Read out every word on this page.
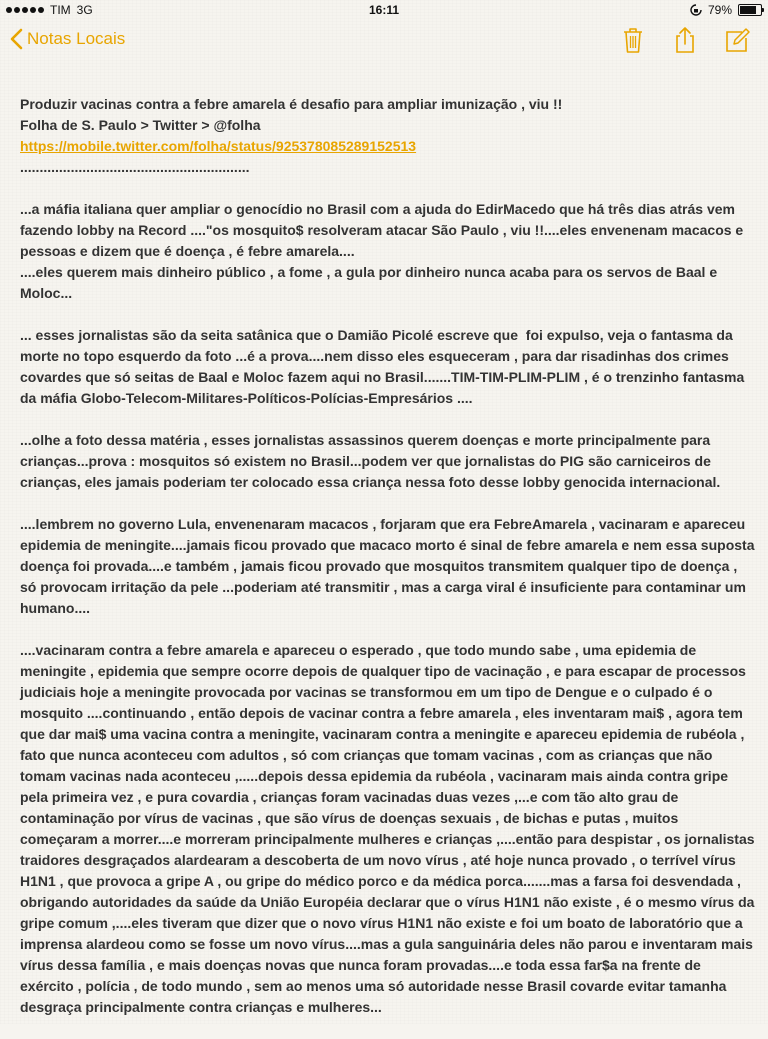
TIM 3G	16:11	79%
Notas Locais

Produzir vacinas contra a febre amarela é desafio para ampliar imunização , viu !!

Folha de S. Paulo > Twitter > @folha

https://mobile.twitter.com/folha/status/925378085289152513

...........................................................

...a máfia italiana quer ampliar o genocídio no Brasil com a ajuda do EdirMacedo que há três dias atrás vem fazendo lobby na Record ...."os mosquito$ resolveram atacar São Paulo , viu !!....eles envenenam macacos e pessoas e dizem que é doença , é febre amarela....
....eles querem mais dinheiro público , a fome , a gula por dinheiro nunca acaba para os servos de Baal e Moloc...

... esses jornalistas são da seita satânica que o Damião Picolé escreve que  foi expulso, veja o fantasma da morte no topo esquerdo da foto ...é a prova....nem disso eles esqueceram , para dar risadinhas dos crimes covardes que só seitas de Baal e Moloc fazem aqui no Brasil.......TIM-TIM-PLIM-PLIM , é o trenzinho fantasma da máfia Globo-Telecom-Militares-Políticos-Polícias-Empresários ....

...olhe a foto dessa matéria , esses jornalistas assassinos querem doenças e morte principalmente para crianças...prova : mosquitos só existem no Brasil...podem ver que jornalistas do PIG são carniceiros de crianças, eles jamais poderiam ter colocado essa criança nessa foto desse lobby genocida internacional.

....lembrem no governo Lula, envenenaram macacos , forjaram que era FebreAmarela , vacinaram e apareceu epidemia de meningite....jamais ficou provado que macaco morto é sinal de febre amarela e nem essa suposta doença foi provada....e também , jamais ficou provado que mosquitos transmitem qualquer tipo de doença , só provocam irritação da pele ...poderiam até transmitir , mas a carga viral é insuficiente para contaminar um humano....

....vacinaram contra a febre amarela e apareceu o esperado , que todo mundo sabe , uma epidemia de meningite , epidemia que sempre ocorre depois de qualquer tipo de vacinação , e para escapar de processos judiciais hoje a meningite provocada por vacinas se transformou em um tipo de Dengue e o culpado é o mosquito ....continuando , então depois de vacinar contra a febre amarela , eles inventaram mai$ , agora tem que dar mai$ uma vacina contra a meningite, vacinaram contra a meningite e apareceu epidemia de rubéola , fato que nunca aconteceu com adultos , só com crianças que tomam vacinas , com as crianças que não tomam vacinas nada aconteceu ,.....depois dessa epidemia da rubéola , vacinaram mais ainda contra gripe pela primeira vez , e pura covardia , crianças foram vacinadas duas vezes ,...e com tão alto grau de contaminação por vírus de vacinas , que são vírus de doenças sexuais , de bichas e putas , muitos começaram a morrer....e morreram principalmente mulheres e crianças ,....então para despistar , os jornalistas traidores desgraçados alardearam a descoberta de um novo vírus , até hoje nunca provado , o terrível vírus H1N1 , que provoca a gripe A , ou gripe do médico porco e da médica porca.......mas a farsa foi desvendada , obrigando autoridades da saúde da União Européia declarar que o vírus H1N1 não existe , é o mesmo vírus da gripe comum ,....eles tiveram que dizer que o novo vírus H1N1 não existe e foi um boato de laboratório que a imprensa alardeou como se fosse um novo vírus....mas a gula sanguinária deles não parou e inventaram mais vírus dessa família , e mais doenças novas que nunca foram provadas....e toda essa far$a na frente de exército , polícia , de todo mundo , sem ao menos uma só autoridade nesse Brasil covarde evitar tamanha desgraça principalmente contra crianças e mulheres...
